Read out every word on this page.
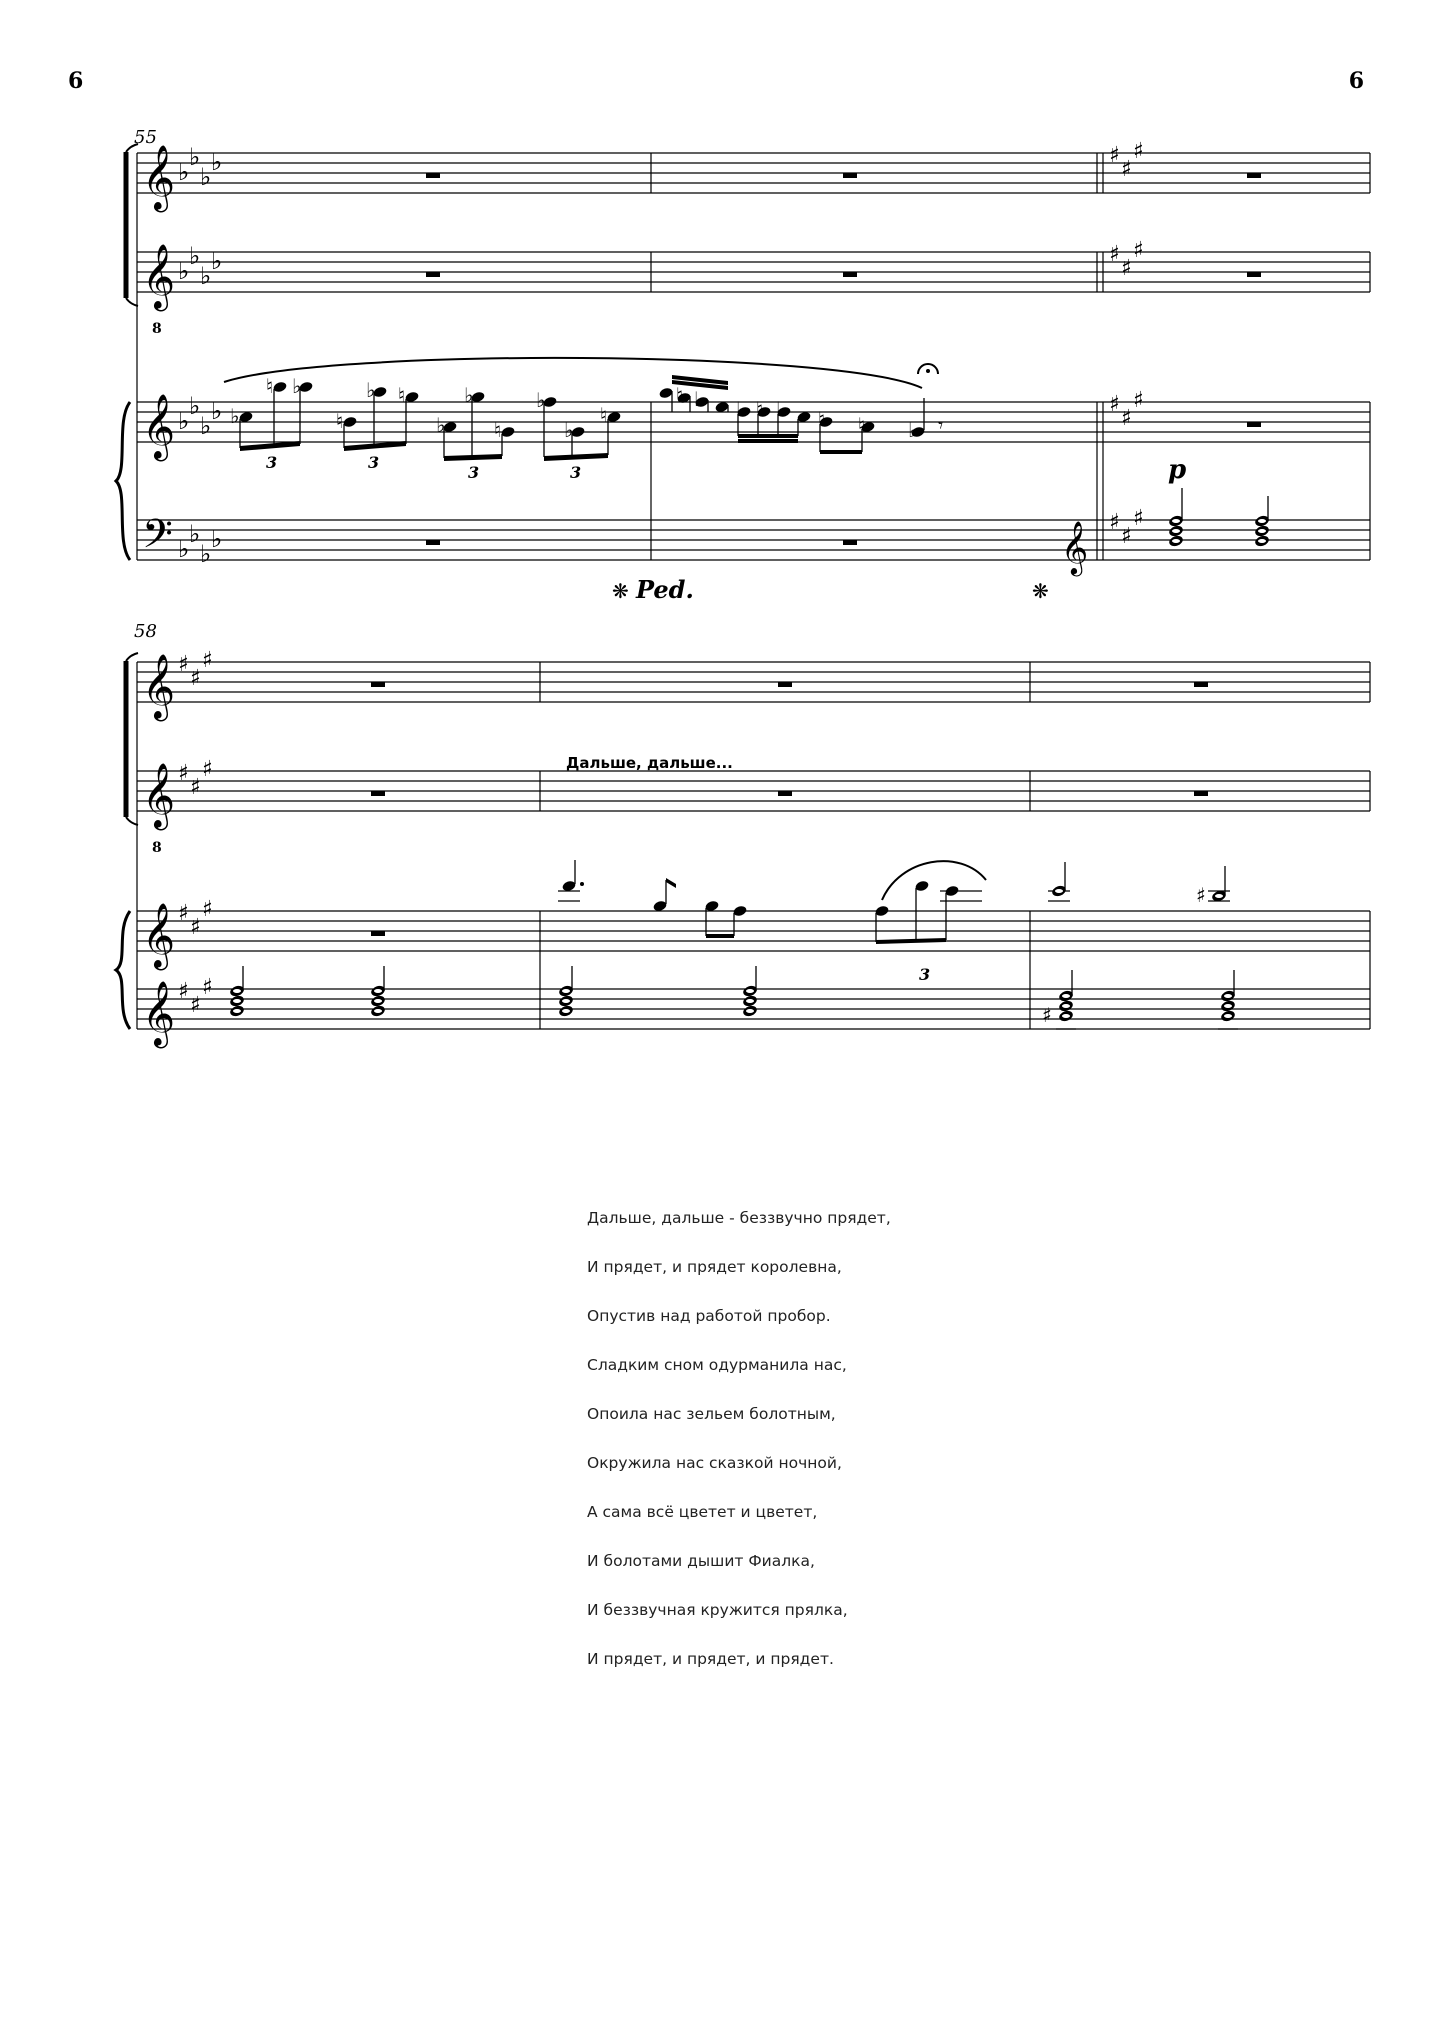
6	6
55
𝄞
𝄞
8
𝄞
𝄢	𝄞
♭
♭
♭
♭
♭
♭
♭
♭
♭
♭
♭
♭
♭
♭
♭
♭
♯
♯
♯
♯
♯
♯
♯
♯
♯
♯
♯
♯
♭
♮ ♭
♮
♭ ♮
♭
♭
♮
♭
♭
♮
3	3
3	3
♮ ♭ ♭ ♮ ♭ ♮ ♮ ♭ 𝄾
p
❋ Ped.	❋
58
𝄞
𝄞
8
𝄞
𝄞
♯
♯
♯
♯
♯
♯
♯
♯
♯
♯
♯
♯
Дальше, дальше...
3
♯
♯
Дальше, дальше - беззвучно прядет,
И прядет, и прядет королевна,
Опустив над работой пробор.
Сладким сном одурманила нас,
Опоила нас зельем болотным,
Окружила нас сказкой ночной,
А сама всё цветет и цветет,
И болотами дышит Фиалка,
И беззвучная кружится прялка,
И прядет, и прядет, и прядет.
